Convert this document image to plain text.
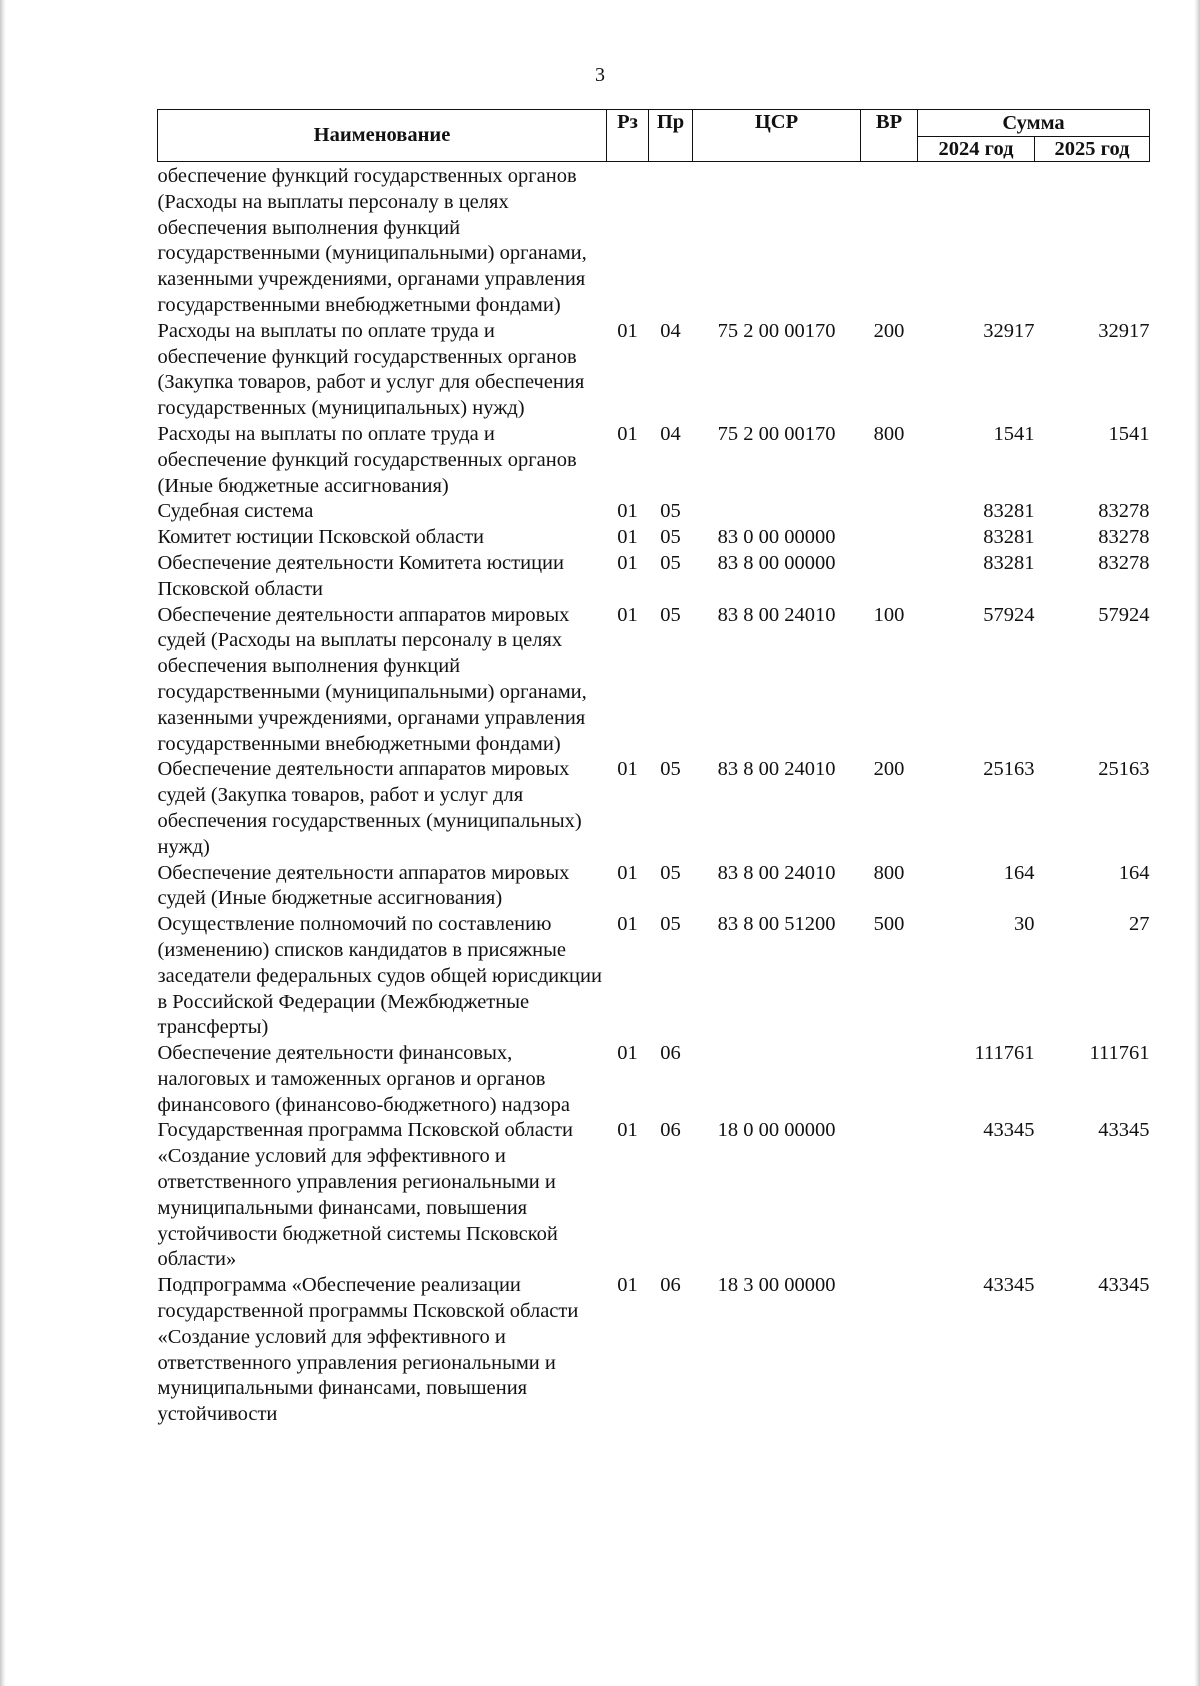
3
Наименование	Рз	Пр	ЦСР	ВР	Сумма	
					2024 год	2025 год
обеспечение функций государственных органов (Расходы на выплаты персоналу в целях обеспечения выполнения функций государственными (муниципальными) органами, казенными учреждениями, органами управления государственными внебюджетными фондами)						
Расходы на выплаты по оплате труда и обеспечение функций государственных органов (Закупка товаров, работ и услуг для обеспечения государственных (муниципальных) нужд)	01	04	75 2 00 00170	200	32917	32917
Расходы на выплаты по оплате труда и обеспечение функций государственных органов (Иные бюджетные ассигнования)	01	04	75 2 00 00170	800	1541	1541
Судебная система	01	05			83281	83278
Комитет юстиции Псковской области	01	05	83 0 00 00000		83281	83278
Обеспечение деятельности Комитета юстиции Псковской области	01	05	83 8 00 00000		83281	83278
Обеспечение деятельности аппаратов мировых судей (Расходы на выплаты персоналу в целях обеспечения выполнения функций государственными (муниципальными) органами, казенными учреждениями, органами управления государственными внебюджетными фондами)	01	05	83 8 00 24010	100	57924	57924
Обеспечение деятельности аппаратов мировых судей (Закупка товаров, работ и услуг для обеспечения государственных (муниципальных) нужд)	01	05	83 8 00 24010	200	25163	25163
Обеспечение деятельности аппаратов мировых судей (Иные бюджетные ассигнования)	01	05	83 8 00 24010	800	164	164
Осуществление полномочий по составлению (изменению) списков кандидатов в присяжные заседатели федеральных судов общей юрисдикции в Российской Федерации (Межбюджетные трансферты)	01	05	83 8 00 51200	500	30	27
Обеспечение деятельности финансовых, налоговых и таможенных органов и органов финансового (финансово-бюджетного) надзора	01	06			111761	111761
Государственная программа Псковской области «Создание условий для эффективного и ответственного управления региональными и муниципальными финансами, повышения устойчивости бюджетной системы Псковской области»	01	06	18 0 00 00000		43345	43345
Подпрограмма «Обеспечение реализации государственной программы Псковской области «Создание условий для эффективного и ответственного управления региональными и муниципальными финансами, повышения устойчивости	01	06	18 3 00 00000		43345	43345
